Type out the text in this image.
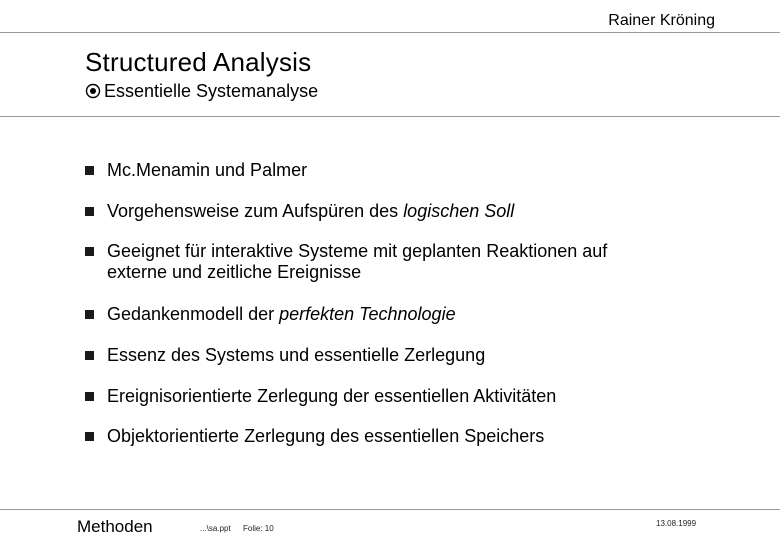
Rainer Kröning
Structured Analysis
Essentielle Systemanalyse
Mc.Menamin und Palmer
Vorgehensweise zum Aufspüren des logischen Soll
Geeignet für interaktive Systeme mit geplanten Reaktionen auf
externe und zeitliche Ereignisse
Gedankenmodell der perfekten Technologie
Essenz des Systems und essentielle Zerlegung
Ereignisorientierte Zerlegung der essentiellen Aktivitäten
Objektorientierte Zerlegung des essentiellen Speichers
Methoden	...\sa.ppt Folie: 10
13.08.1999
